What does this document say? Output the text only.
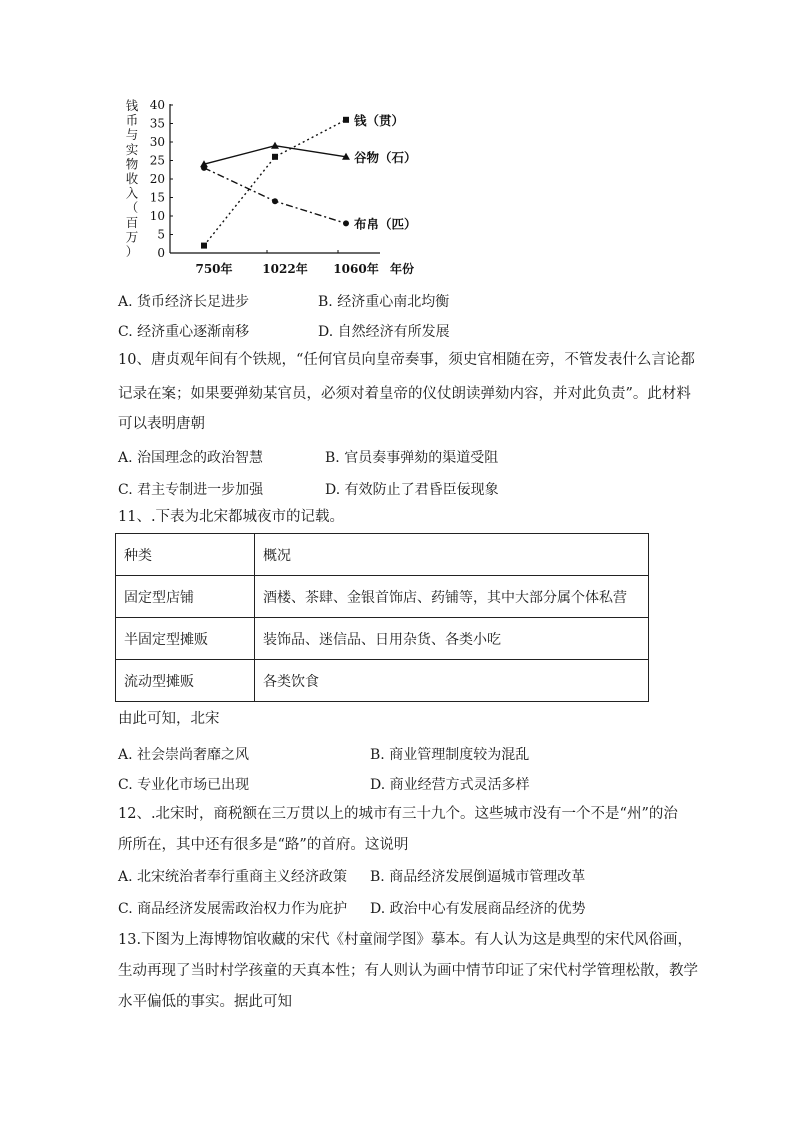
钱
币
与
实
物
收
入
（
百
万
） 0
5
10
15
20
25
30
35
40
750年 1022年 1060年 年份
钱（贯）
谷物（石）
布帛（匹）
A. 货币经济长足进步	B. 经济重心南北均衡
C. 经济重心逐渐南移	D. 自然经济有所发展
10、唐贞观年间有个铁规，“任何官员向皇帝奏事，须史官相随在旁，不管发表什么言论都
记录在案；如果要弹劾某官员，必须对着皇帝的仪仗朗读弹劾内容，并对此负责”。此材料
可以表明唐朝
A. 治国理念的政治智慧	B. 官员奏事弹劾的渠道受阻
C. 君主专制进一步加强	D. 有效防止了君昏臣佞现象
11、.下表为北宋都城夜市的记载。
种类	概况
固定型店铺	酒楼、茶肆、金银首饰店、药铺等，其中大部分属个体私营
半固定型摊贩	装饰品、迷信品、日用杂货、各类小吃
流动型摊贩	各类饮食
由此可知，北宋
A. 社会崇尚奢靡之风	B. 商业管理制度较为混乱
C. 专业化市场已出现	D. 商业经营方式灵活多样
12、.北宋时，商税额在三万贯以上的城市有三十九个。这些城市没有一个不是“州”的治
所所在，其中还有很多是“路”的首府。这说明
A. 北宋统治者奉行重商主义经济政策 B. 商品经济发展倒逼城市管理改革
C. 商品经济发展需政治权力作为庇护 D. 政治中心有发展商品经济的优势
13.下图为上海博物馆收藏的宋代《村童闹学图》摹本。有人认为这是典型的宋代风俗画，
生动再现了当时村学孩童的天真本性；有人则认为画中情节印证了宋代村学管理松散，教学
水平偏低的事实。据此可知
